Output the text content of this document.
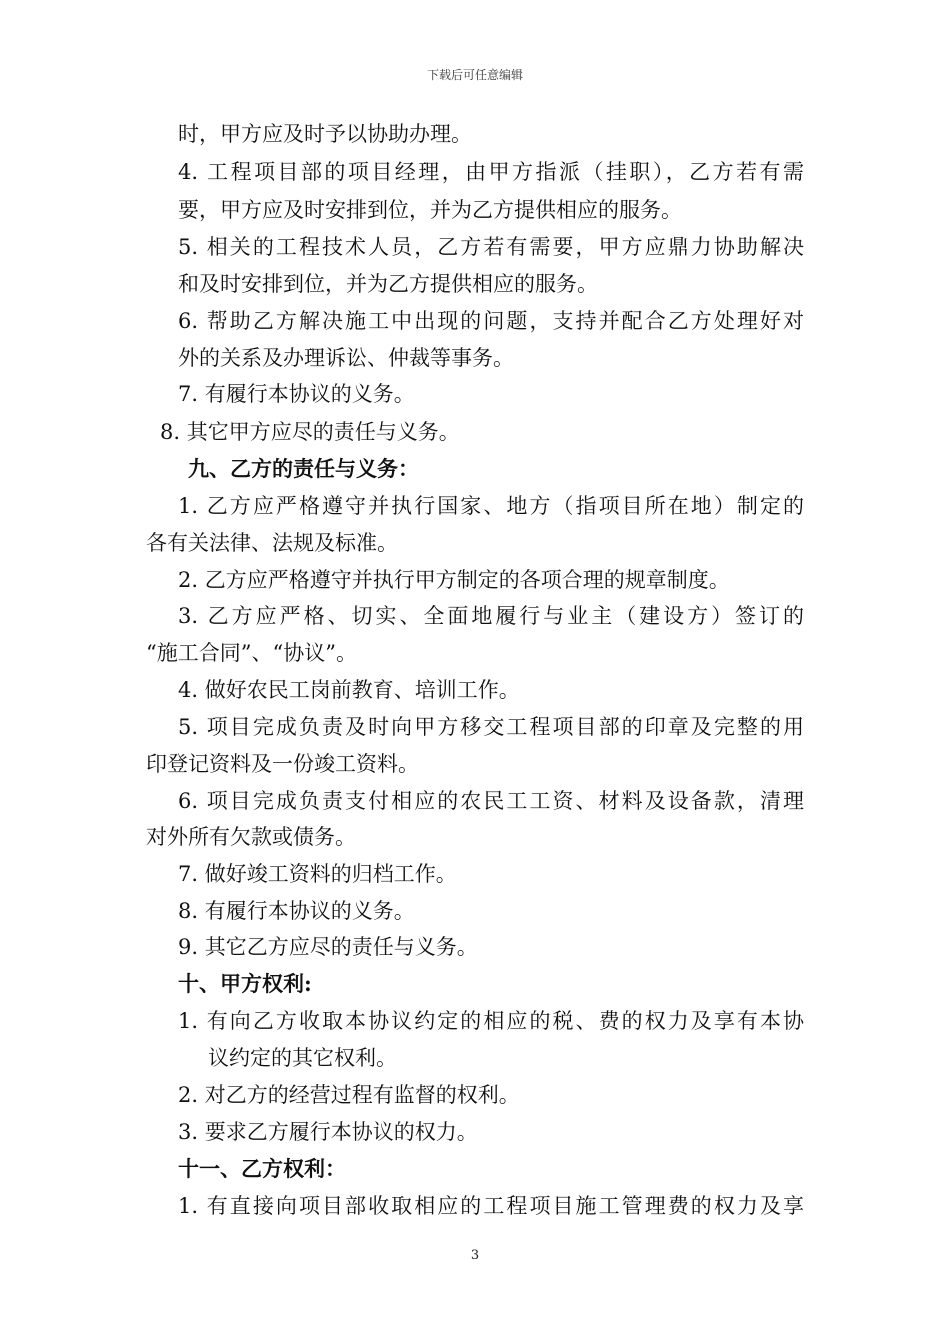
下载后可任意编辑
时，甲方应及时予以协助办理。
4. 工程项目部的项目经理，由甲方指派（挂职），乙方若有需
要，甲方应及时安排到位，并为乙方提供相应的服务。
5. 相关的工程技术人员，乙方若有需要，甲方应鼎力协助解决
和及时安排到位，并为乙方提供相应的服务。
6. 帮助乙方解决施工中出现的问题，支持并配合乙方处理好对
外的关系及办理诉讼、仲裁等事务。
7. 有履行本协议的义务。
8. 其它甲方应尽的责任与义务。
九、乙方的责任与义务：
1. 乙方应严格遵守并执行国家、地方（指项目所在地）制定的
各有关法律、法规及标准。
2. 乙方应严格遵守并执行甲方制定的各项合理的规章制度。
3. 乙方应严格、切实、全面地履行与业主（建设方）签订的
“施工合同”、“协议”。
4. 做好农民工岗前教育、培训工作。
5. 项目完成负责及时向甲方移交工程项目部的印章及完整的用
印登记资料及一份竣工资料。
6. 项目完成负责支付相应的农民工工资、材料及设备款，清理
对外所有欠款或债务。
7. 做好竣工资料的归档工作。
8. 有履行本协议的义务。
9. 其它乙方应尽的责任与义务。
十、甲方权利:
1. 有向乙方收取本协议约定的相应的税、费的权力及享有本协
议约定的其它权利。
2. 对乙方的经营过程有监督的权利。
3. 要求乙方履行本协议的权力。
十一、乙方权利：
1. 有直接向项目部收取相应的工程项目施工管理费的权力及享
3
